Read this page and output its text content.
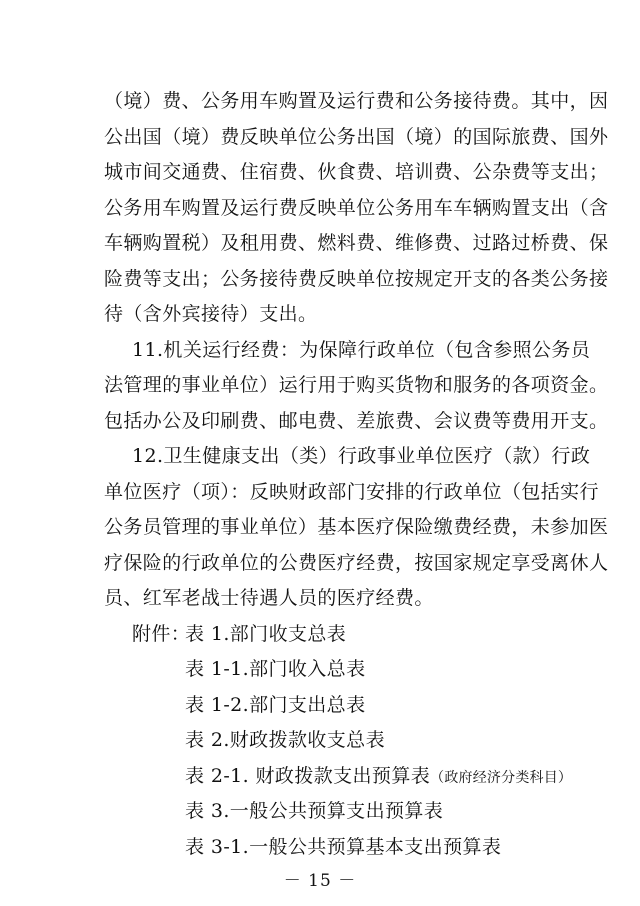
（境）费、公务用车购置及运行费和公务接待费。其中，因
公出国（境）费反映单位公务出国（境）的国际旅费、国外
城市间交通费、住宿费、伙食费、培训费、公杂费等支出；
公务用车购置及运行费反映单位公务用车车辆购置支出（含
车辆购置税）及租用费、燃料费、维修费、过路过桥费、保
险费等支出；公务接待费反映单位按规定开支的各类公务接
待（含外宾接待）支出。
11.机关运行经费：为保障行政单位（包含参照公务员
法管理的事业单位）运行用于购买货物和服务的各项资金。
包括办公及印刷费、邮电费、差旅费、会议费等费用开支。
12.卫生健康支出（类）行政事业单位医疗（款）行政
单位医疗（项）：反映财政部门安排的行政单位（包括实行
公务员管理的事业单位）基本医疗保险缴费经费，未参加医
疗保险的行政单位的公费医疗经费，按国家规定享受离休人
员、红军老战士待遇人员的医疗经费。
附件：
表 1.部门收支总表
表 1-1.部门收入总表
表 1-2.部门支出总表
表 2.财政拨款收支总表
表 2-1. 财政拨款支出预算表（政府经济分类科目）
表 3.一般公共预算支出预算表
表 3-1.一般公共预算基本支出预算表
－ 15 －
